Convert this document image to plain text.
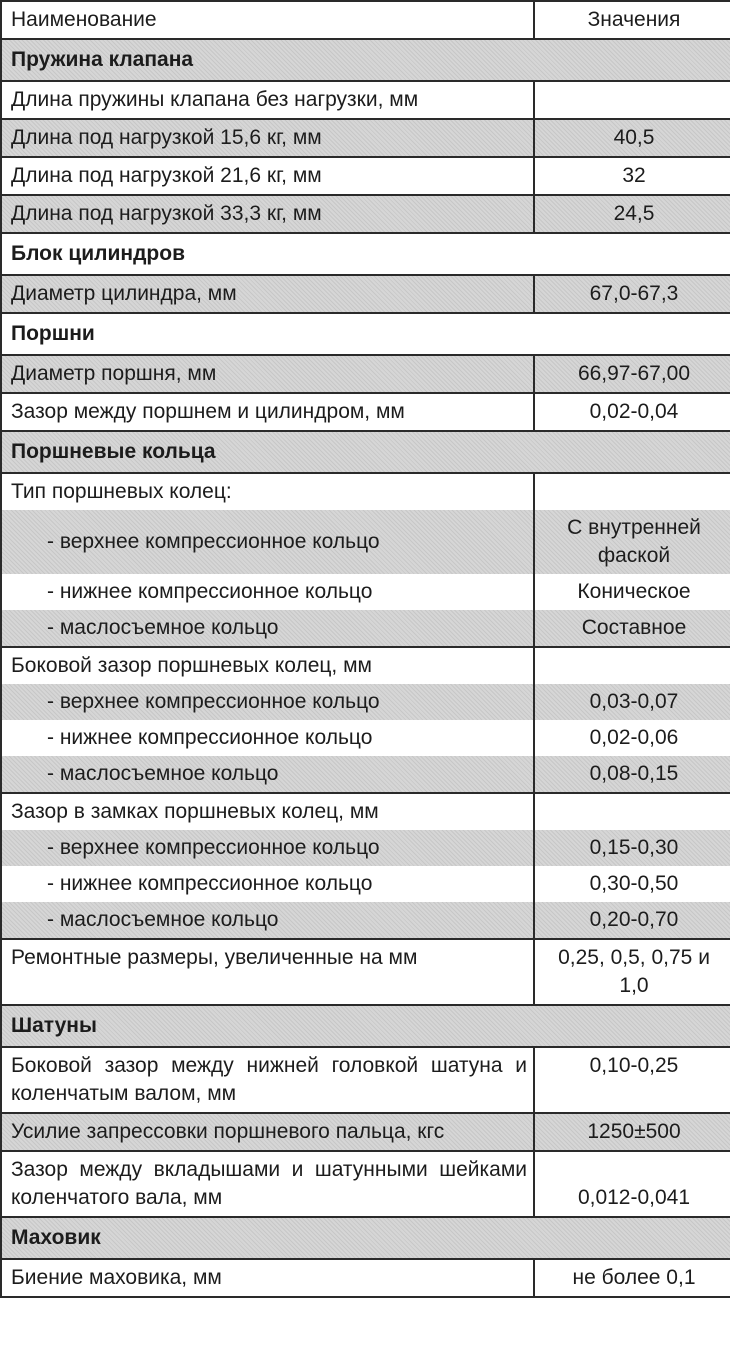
Наименование	Значения
Пружина клапана	
Длина пружины клапана без нагрузки, мм	
Длина под нагрузкой 15,6 кг, мм	40,5
Длина под нагрузкой 21,6 кг, мм	32
Длина под нагрузкой 33,3 кг, мм	24,5
Блок цилиндров	
Диаметр цилиндра, мм	67,0-67,3
Поршни	
Диаметр поршня, мм	66,97-67,00
Зазор между поршнем и цилиндром, мм	0,02-0,04
Поршневые кольца	
Тип поршневых колец:	
- верхнее компрессионное кольцо	С внутренней фаской
- нижнее компрессионное кольцо	Коническое
- маслосъемное кольцо	Составное
Боковой зазор поршневых колец, мм	
- верхнее компрессионное кольцо	0,03-0,07
- нижнее компрессионное кольцо	0,02-0,06
- маслосъемное кольцо	0,08-0,15
Зазор в замках поршневых колец, мм	
- верхнее компрессионное кольцо	0,15-0,30
- нижнее компрессионное кольцо	0,30-0,50
- маслосъемное кольцо	0,20-0,70
Ремонтные размеры, увеличенные на мм	0,25, 0,5, 0,75 и 1,0
Шатуны	
Боковой зазор между нижней головкой шатуна и коленчатым валом, мм	0,10-0,25
Усилие запрессовки поршневого пальца, кгс	1250±500
Зазор между вкладышами и шатунными шейками коленчатого вала, мм	0,012-0,041
Маховик	
Биение маховика, мм	не более 0,1
